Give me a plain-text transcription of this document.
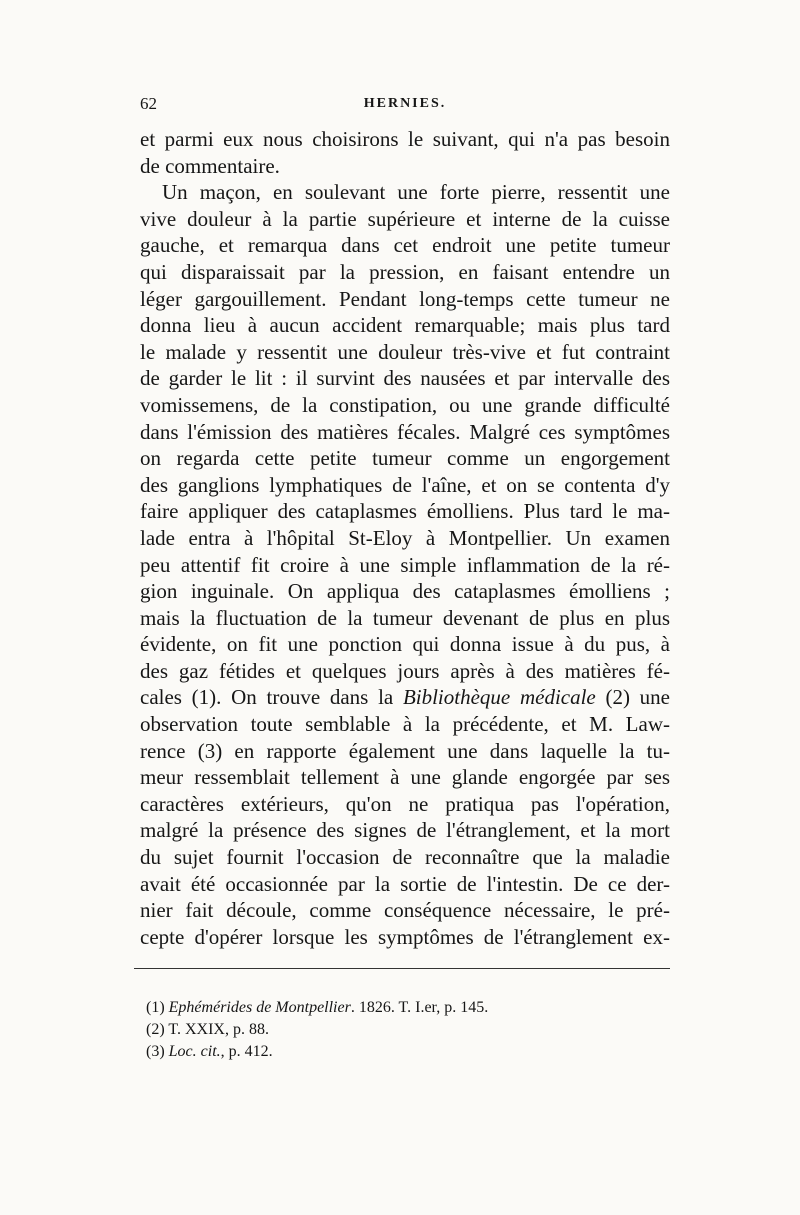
62	HERNIES.
et parmi eux nous choisirons le suivant, qui n'a pas besoin
de commentaire.
Un maçon, en soulevant une forte pierre, ressentit une
vive douleur à la partie supérieure et interne de la cuisse
gauche, et remarqua dans cet endroit une petite tumeur
qui disparaissait par la pression, en faisant entendre un
léger gargouillement. Pendant long-temps cette tumeur ne
donna lieu à aucun accident remarquable; mais plus tard
le malade y ressentit une douleur très-vive et fut contraint
de garder le lit : il survint des nausées et par intervalle des
vomissemens, de la constipation, ou une grande difficulté
dans l'émission des matières fécales. Malgré ces symptômes
on regarda cette petite tumeur comme un engorgement
des ganglions lymphatiques de l'aîne, et on se contenta d'y
faire appliquer des cataplasmes émolliens. Plus tard le ma-
lade entra à l'hôpital St-Eloy à Montpellier. Un examen
peu attentif fit croire à une simple inflammation de la ré-
gion inguinale. On appliqua des cataplasmes émolliens ;
mais la fluctuation de la tumeur devenant de plus en plus
évidente, on fit une ponction qui donna issue à du pus, à
des gaz fétides et quelques jours après à des matières fé-
cales (1). On trouve dans la Bibliothèque médicale (2) une
observation toute semblable à la précédente, et M. Law-
rence (3) en rapporte également une dans laquelle la tu-
meur ressemblait tellement à une glande engorgée par ses
caractères extérieurs, qu'on ne pratiqua pas l'opération,
malgré la présence des signes de l'étranglement, et la mort
du sujet fournit l'occasion de reconnaître que la maladie
avait été occasionnée par la sortie de l'intestin. De ce der-
nier fait découle, comme conséquence nécessaire, le pré-
cepte d'opérer lorsque les symptômes de l'étranglement ex-
(1) Ephémérides de Montpellier. 1826. T. I.er, p. 145.
(2) T. XXIX, p. 88.
(3) Loc. cit., p. 412.
